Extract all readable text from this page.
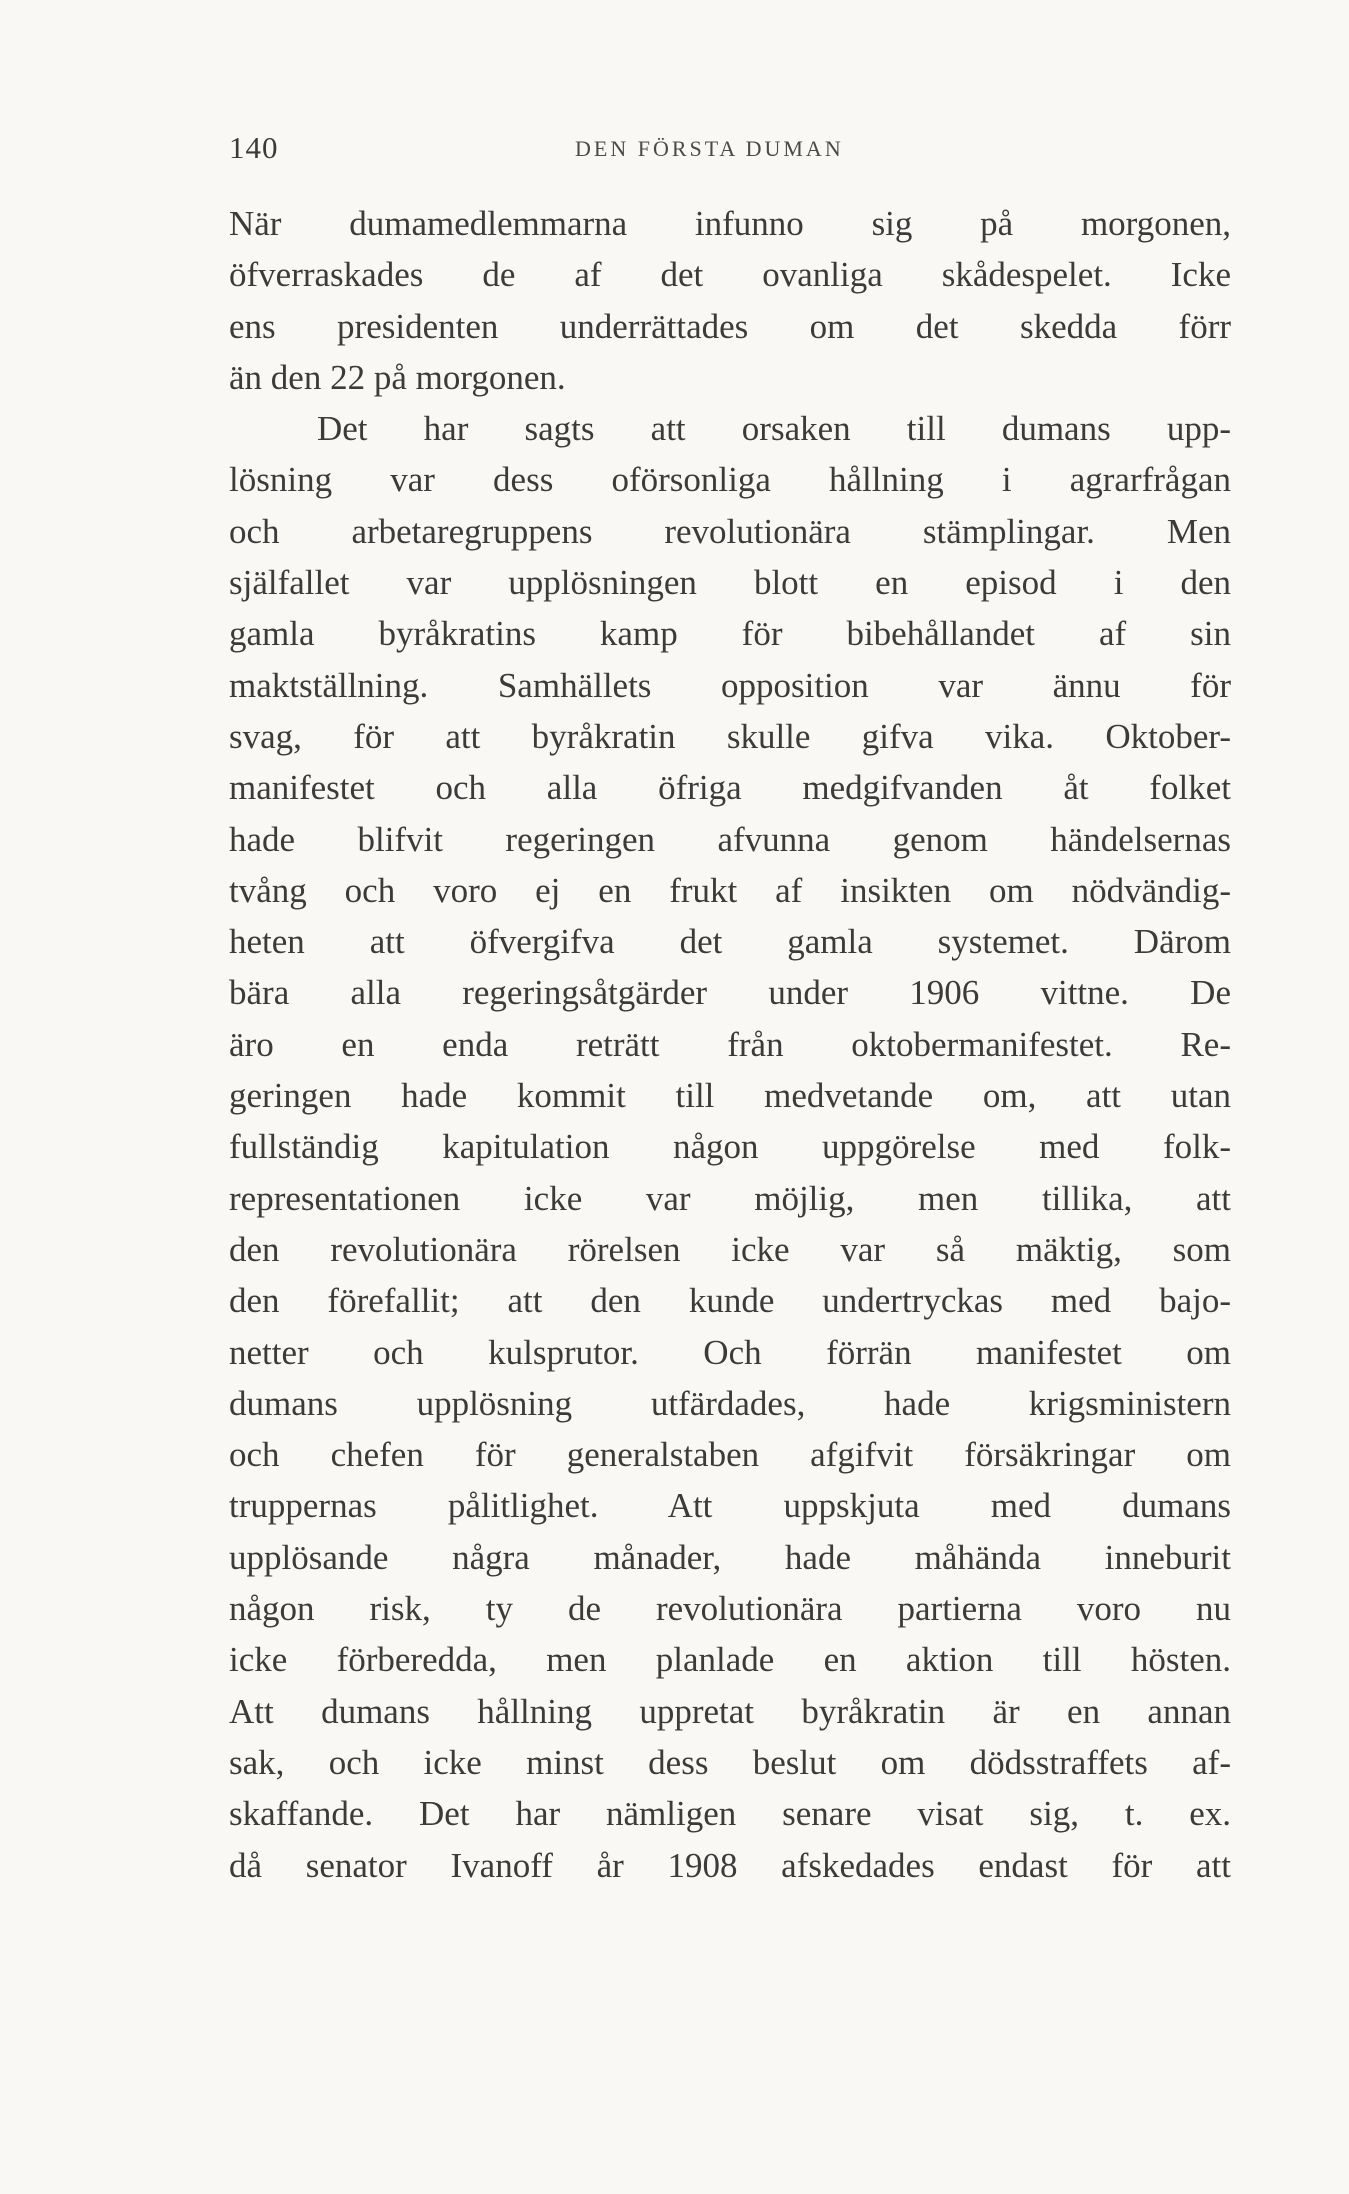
140	DEN FÖRSTA DUMAN
När dumamedlemmarna infunno sig på morgonen,
öfverraskades de af det ovanliga skådespelet. Icke
ens presidenten underrättades om det skedda förr
än den 22 på morgonen.
Det har sagts att orsaken till dumans upp-
lösning var dess oförsonliga hållning i agrarfrågan
och arbetaregruppens revolutionära stämplingar. Men
själfallet var upplösningen blott en episod i den
gamla byråkratins kamp för bibehållandet af sin
maktställning. Samhällets opposition var ännu för
svag, för att byråkratin skulle gifva vika. Oktober-
manifestet och alla öfriga medgifvanden åt folket
hade blifvit regeringen afvunna genom händelsernas
tvång och voro ej en frukt af insikten om nödvändig-
heten att öfvergifva det gamla systemet. Därom
bära alla regeringsåtgärder under 1906 vittne. De
äro en enda reträtt från oktobermanifestet. Re-
geringen hade kommit till medvetande om, att utan
fullständig kapitulation någon uppgörelse med folk-
representationen icke var möjlig, men tillika, att
den revolutionära rörelsen icke var så mäktig, som
den förefallit; att den kunde undertryckas med bajo-
netter och kulsprutor. Och förrän manifestet om
dumans upplösning utfärdades, hade krigsministern
och chefen för generalstaben afgifvit försäkringar om
truppernas pålitlighet. Att uppskjuta med dumans
upplösande några månader, hade måhända inneburit
någon risk, ty de revolutionära partierna voro nu
icke förberedda, men planlade en aktion till hösten.
Att dumans hållning uppretat byråkratin är en annan
sak, och icke minst dess beslut om dödsstraffets af-
skaffande. Det har nämligen senare visat sig, t. ex.
då senator Ivanoff år 1908 afskedades endast för att
